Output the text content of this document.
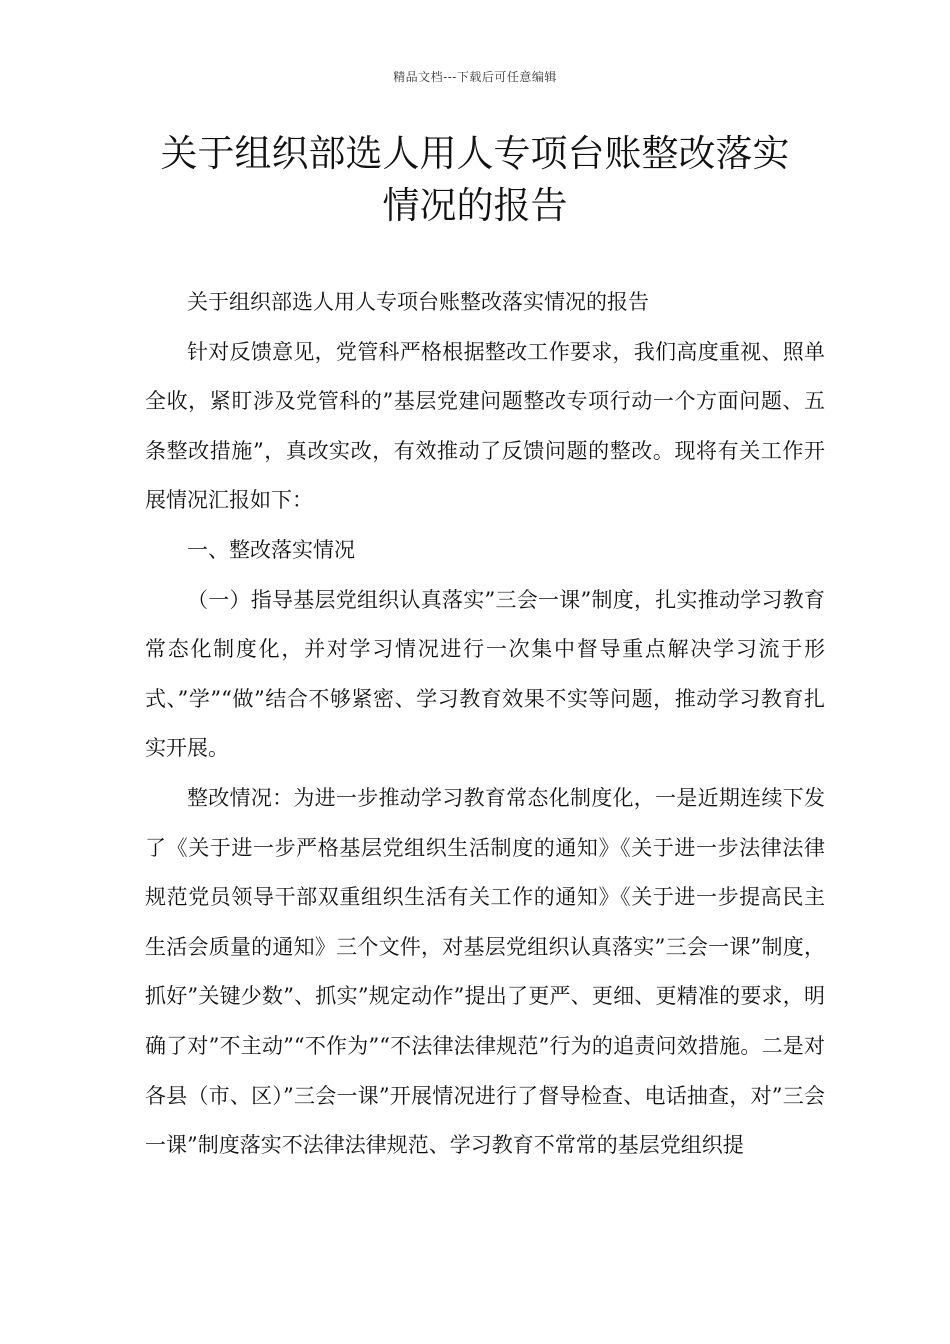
精品文档---下载后可任意编辑
关于组织部选人用人专项台账整改落实
情况的报告

关于组织部选人用人专项台账整改落实情况的报告

针对反馈意见，党管科严格根据整改工作要求，我们高度重视、照单全收，紧盯涉及党管科的”基层党建问题整改专项行动一个方面问题、五条整改措施”，真改实改，有效推动了反馈问题的整改。现将有关工作开展情况汇报如下：

一、整改落实情况

（一）指导基层党组织认真落实”三会一课”制度，扎实推动学习教育常态化制度化，并对学习情况进行一次集中督导重点解决学习流于形式、”学”“做”结合不够紧密、学习教育效果不实等问题，推动学习教育扎实开展。

整改情况：为进一步推动学习教育常态化制度化，一是近期连续下发了《关于进一步严格基层党组织生活制度的通知》《关于进一步法律法律规范党员领导干部双重组织生活有关工作的通知》《关于进一步提高民主生活会质量的通知》三个文件，对基层党组织认真落实”三会一课”制度，抓好”关键少数”、抓实”规定动作”提出了更严、更细、更精准的要求，明确了对”不主动”“不作为”“不法律法律规范”行为的追责问效措施。二是对各县（市、区）”三会一课”开展情况进行了督导检查、电话抽查，对”三会一课”制度落实不法律法律规范、学习教育不常常的基层党组织提
